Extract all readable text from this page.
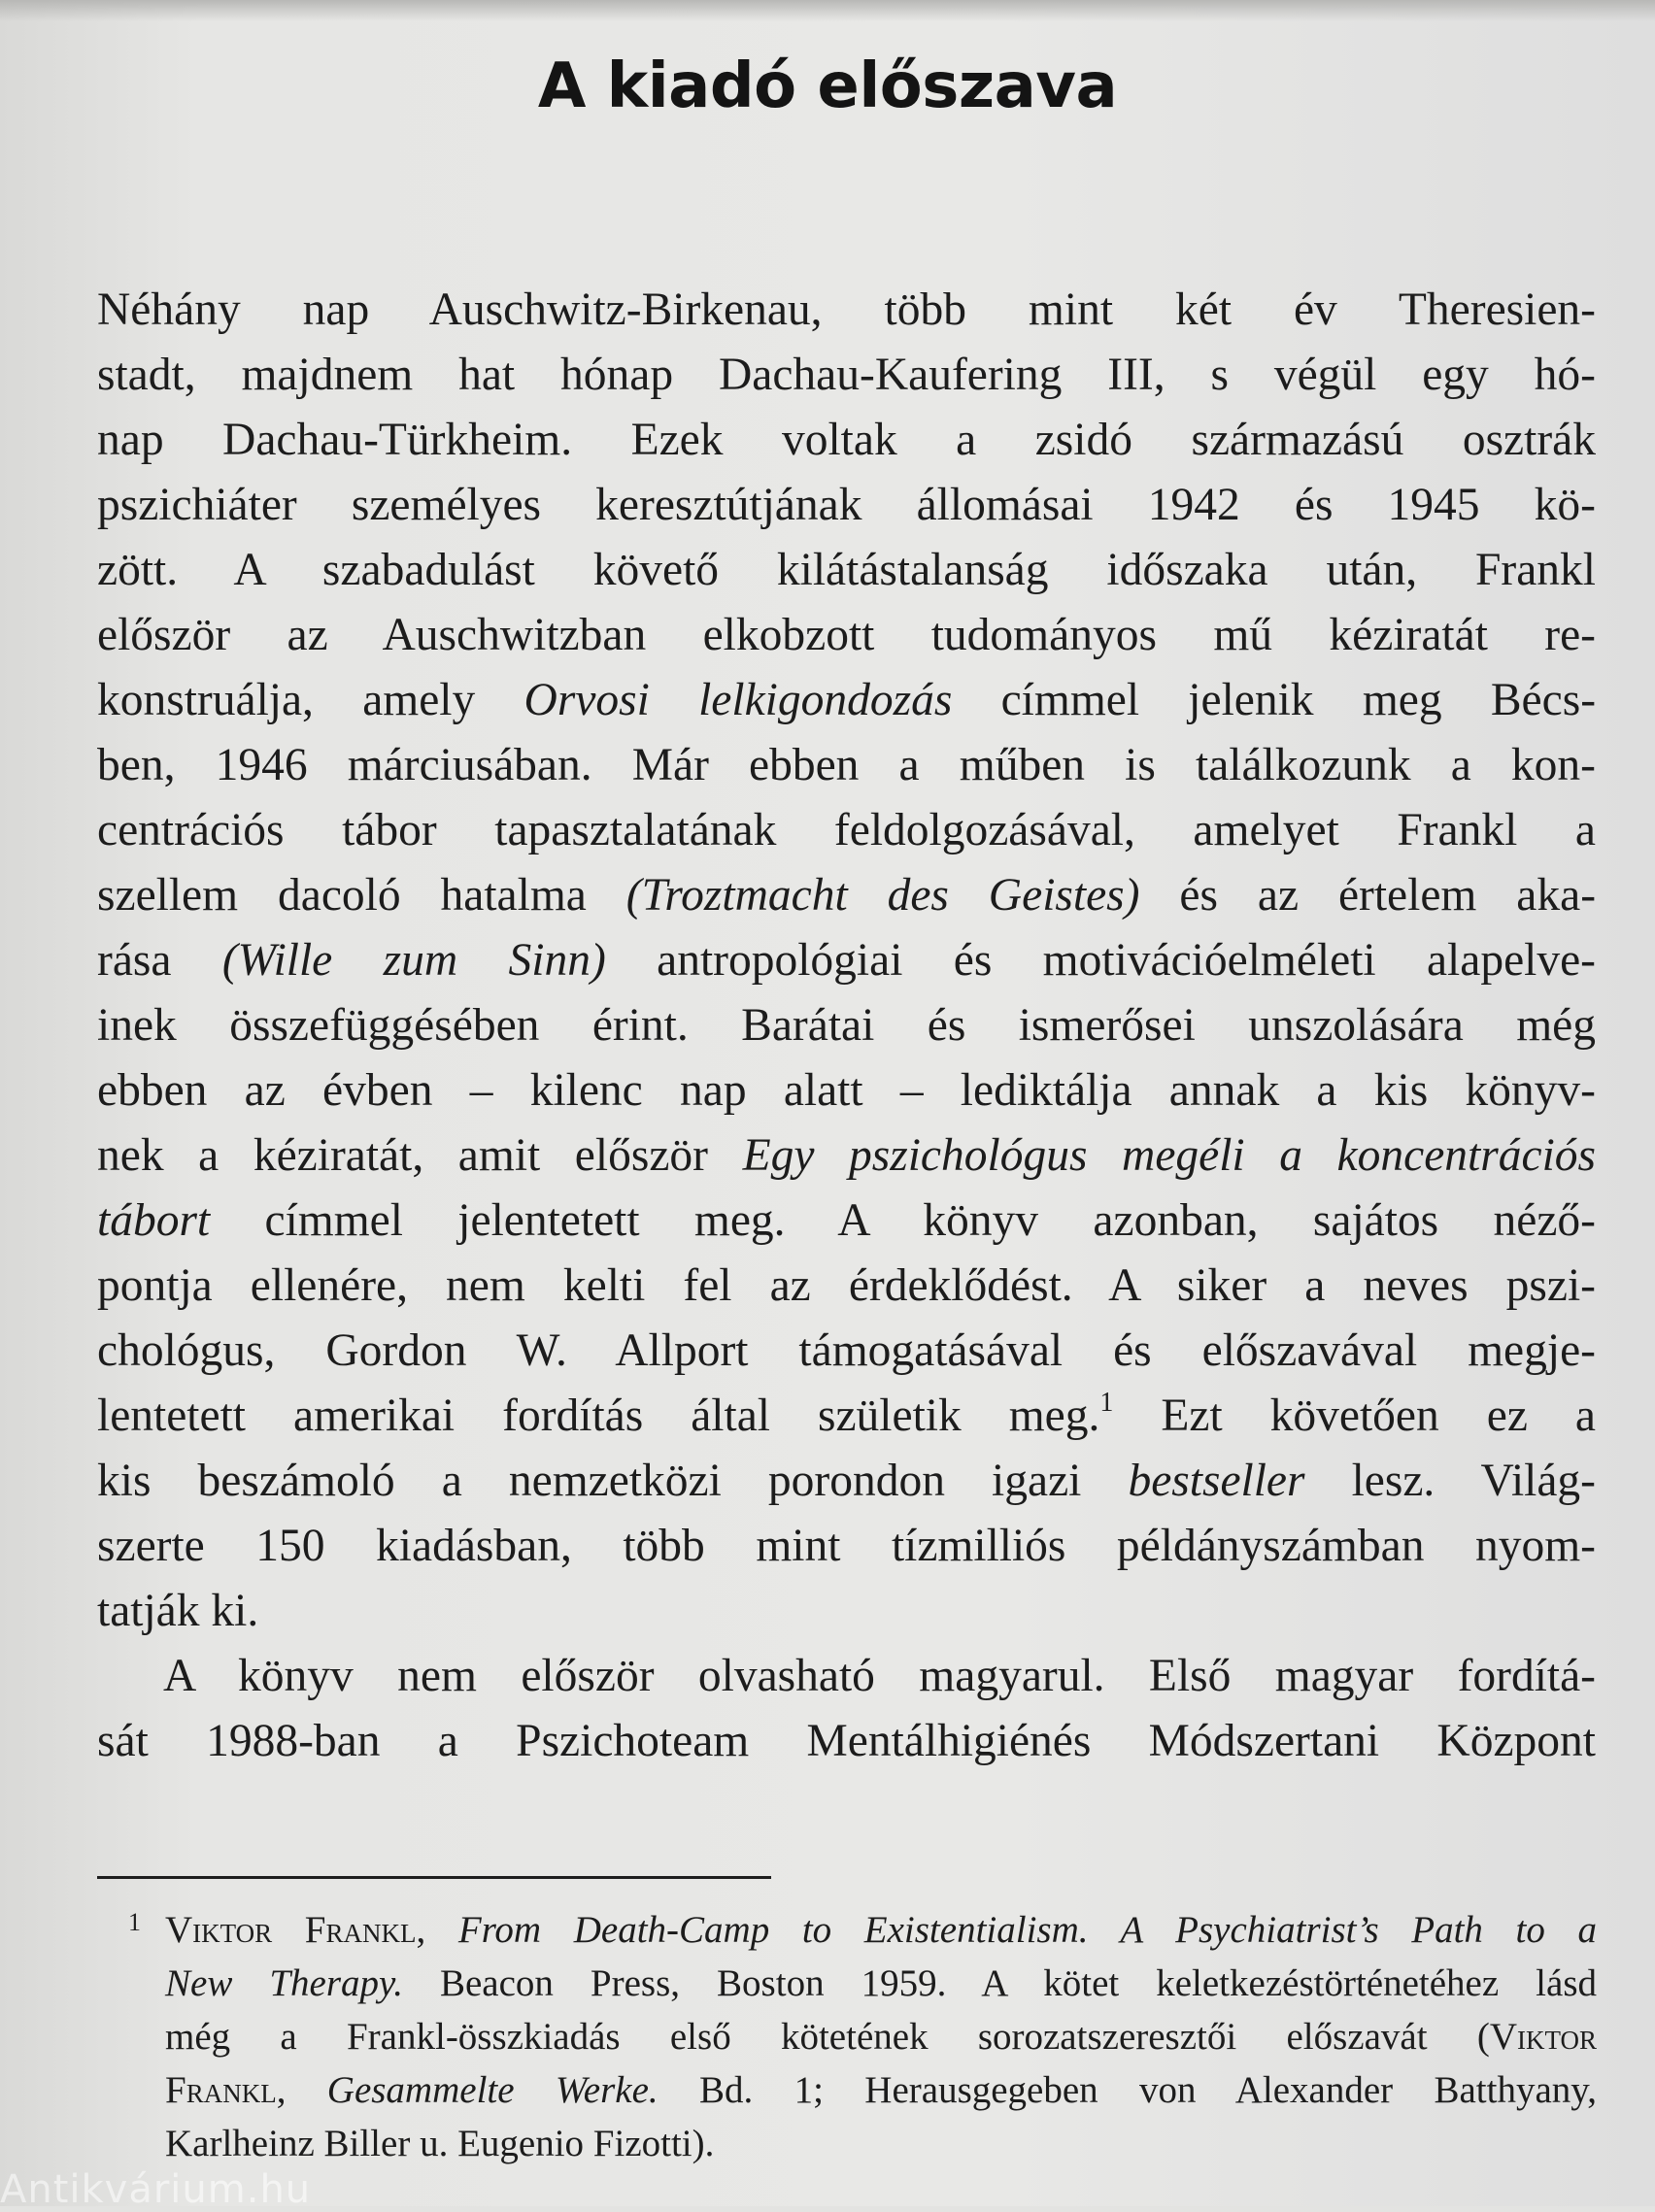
A kiadó előszava
Néhány nap Auschwitz-Birkenau, több mint két év Theresien-
stadt, majdnem hat hónap Dachau-Kaufering III, s végül egy hó-
nap Dachau-Türkheim. Ezek voltak a zsidó származású osztrák
pszichiáter személyes keresztútjának állomásai 1942 és 1945 kö-
zött. A szabadulást követő kilátástalanság időszaka után, Frankl
először az Auschwitzban elkobzott tudományos mű kéziratát re-
konstruálja, amely Orvosi lelkigondozás címmel jelenik meg Bécs-
ben, 1946 márciusában. Már ebben a műben is találkozunk a kon-
centrációs tábor tapasztalatának feldolgozásával, amelyet Frankl a
szellem dacoló hatalma (Troztmacht des Geistes) és az értelem aka-
rása (Wille zum Sinn) antropológiai és motivációelméleti alapelve-
inek összefüggésében érint. Barátai és ismerősei unszolására még
ebben az évben – kilenc nap alatt – lediktálja annak a kis könyv-
nek a kéziratát, amit először Egy pszichológus megéli a koncentrációs
tábort címmel jelentetett meg. A könyv azonban, sajátos néző-
pontja ellenére, nem kelti fel az érdeklődést. A siker a neves pszi-
chológus, Gordon W. Allport támogatásával és előszavával megje-
lentetett amerikai fordítás által születik meg.$^1$ Ezt követően ez a
kis beszámoló a nemzetközi porondon igazi bestseller lesz. Világ-
szerte 150 kiadásban, több mint tízmilliós példányszámban nyom-
tatják ki.
A könyv nem először olvasható magyarul. Első magyar fordítá-
sát 1988-ban a Pszichoteam Mentálhigiénés Módszertani Központ
1 Viktor Frankl, From Death-Camp to Existentialism. A Psychiatrist’s Path to a
New Therapy. Beacon Press, Boston 1959. A kötet keletkezéstörténetéhez lásd
még a Frankl-összkiadás első kötetének sorozatszeresztői előszavát (Viktor
Frankl, Gesammelte Werke. Bd. 1; Herausgegeben von Alexander Batthyany,
Karlheinz Biller u. Eugenio Fizotti).
Antikvárium.hu
